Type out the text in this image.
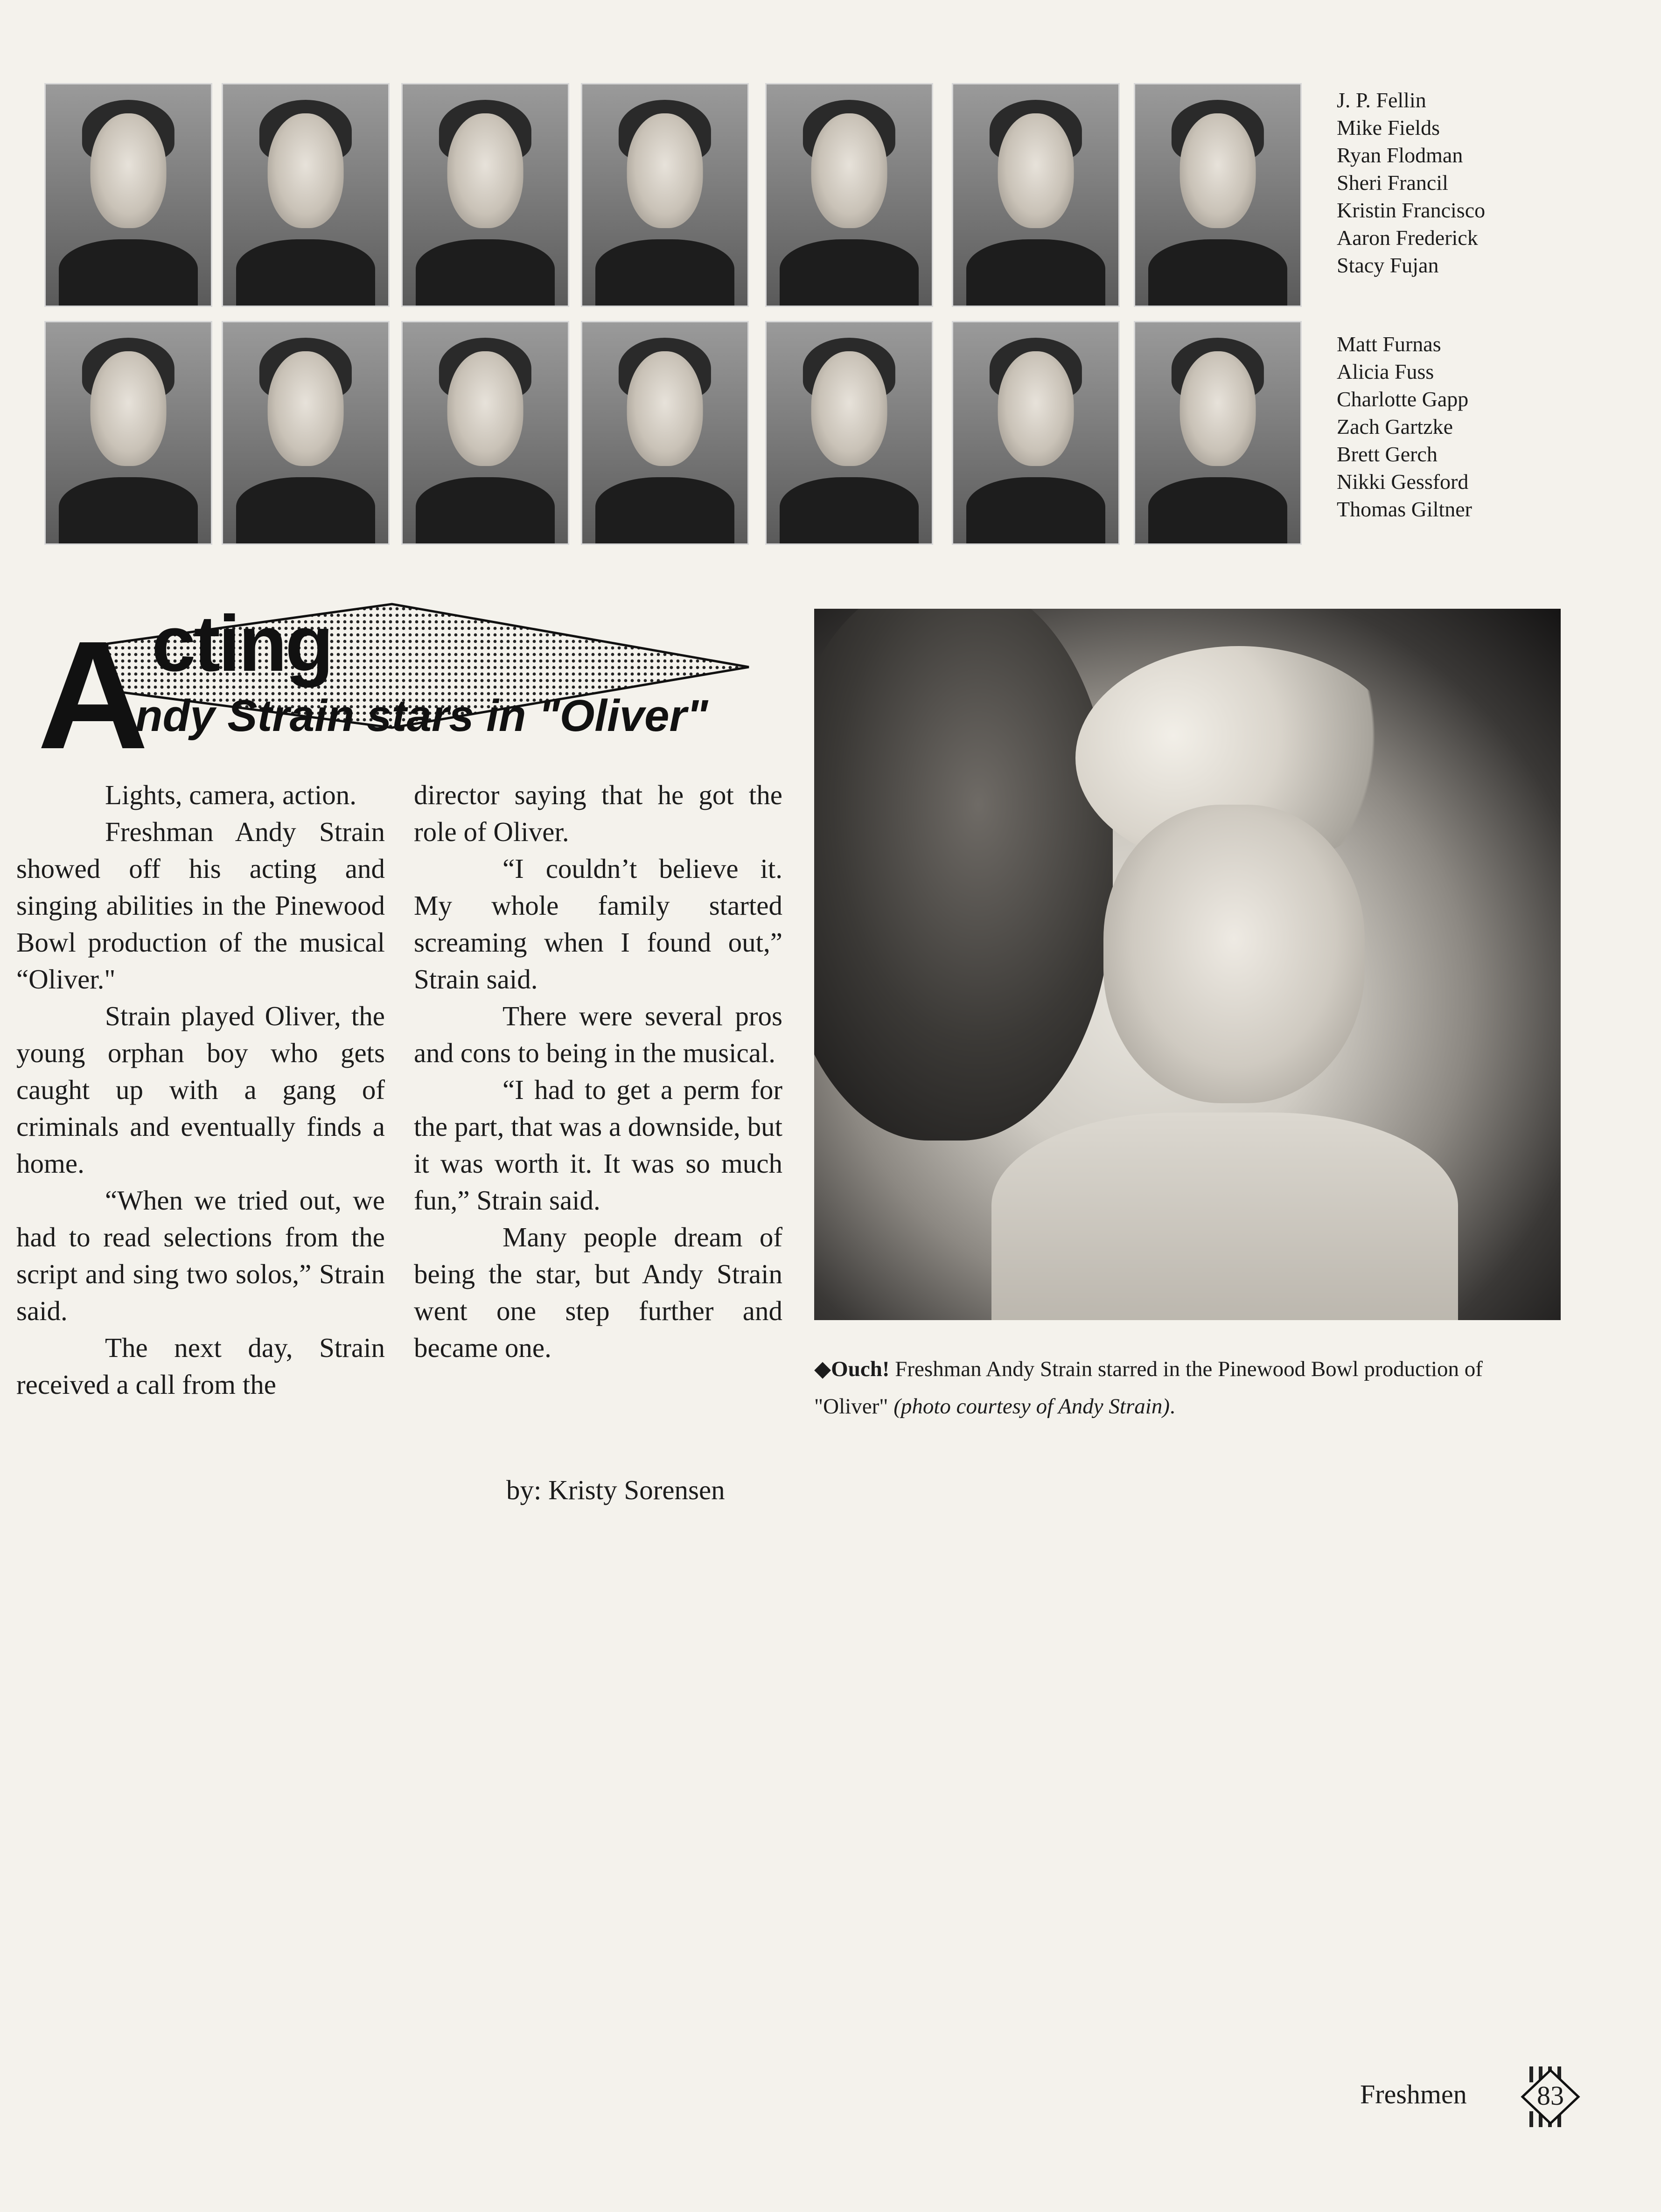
J. P. Fellin
Mike Fields
Ryan Flodman
Sheri Francil
Kristin Francisco
Aaron Frederick
Stacy Fujan
Matt Furnas
Alicia Fuss
Charlotte Gapp
Zach Gartzke
Brett Gerch
Nikki Gessford
Thomas Giltner
A cting
ndy Strain stars in "Oliver"

Lights, camera, action.

Freshman Andy Strain showed off his acting and singing abilities in the Pinewood Bowl production of the musical “Oliver."

Strain played Oliver, the young orphan boy who gets caught up with a gang of criminals and eventually finds a home.

“When we tried out, we had to read selections from the script and sing two solos,” Strain said.

The next day, Strain received a call from the

director saying that he got the role of Oliver.

“I couldn’t believe it. My whole family started screaming when I found out,” Strain said.

There were several pros and cons to being in the musical.

“I had to get a perm for the part, that was a downside, but it was worth it. It was so much fun,” Strain said.

Many people dream of being the star, but Andy Strain went one step further and became one.

by: Kristy Sorensen
◆Ouch! Freshman Andy Strain starred in the Pinewood Bowl production of "Oliver" (photo courtesy of Andy Strain).
Freshmen	83
